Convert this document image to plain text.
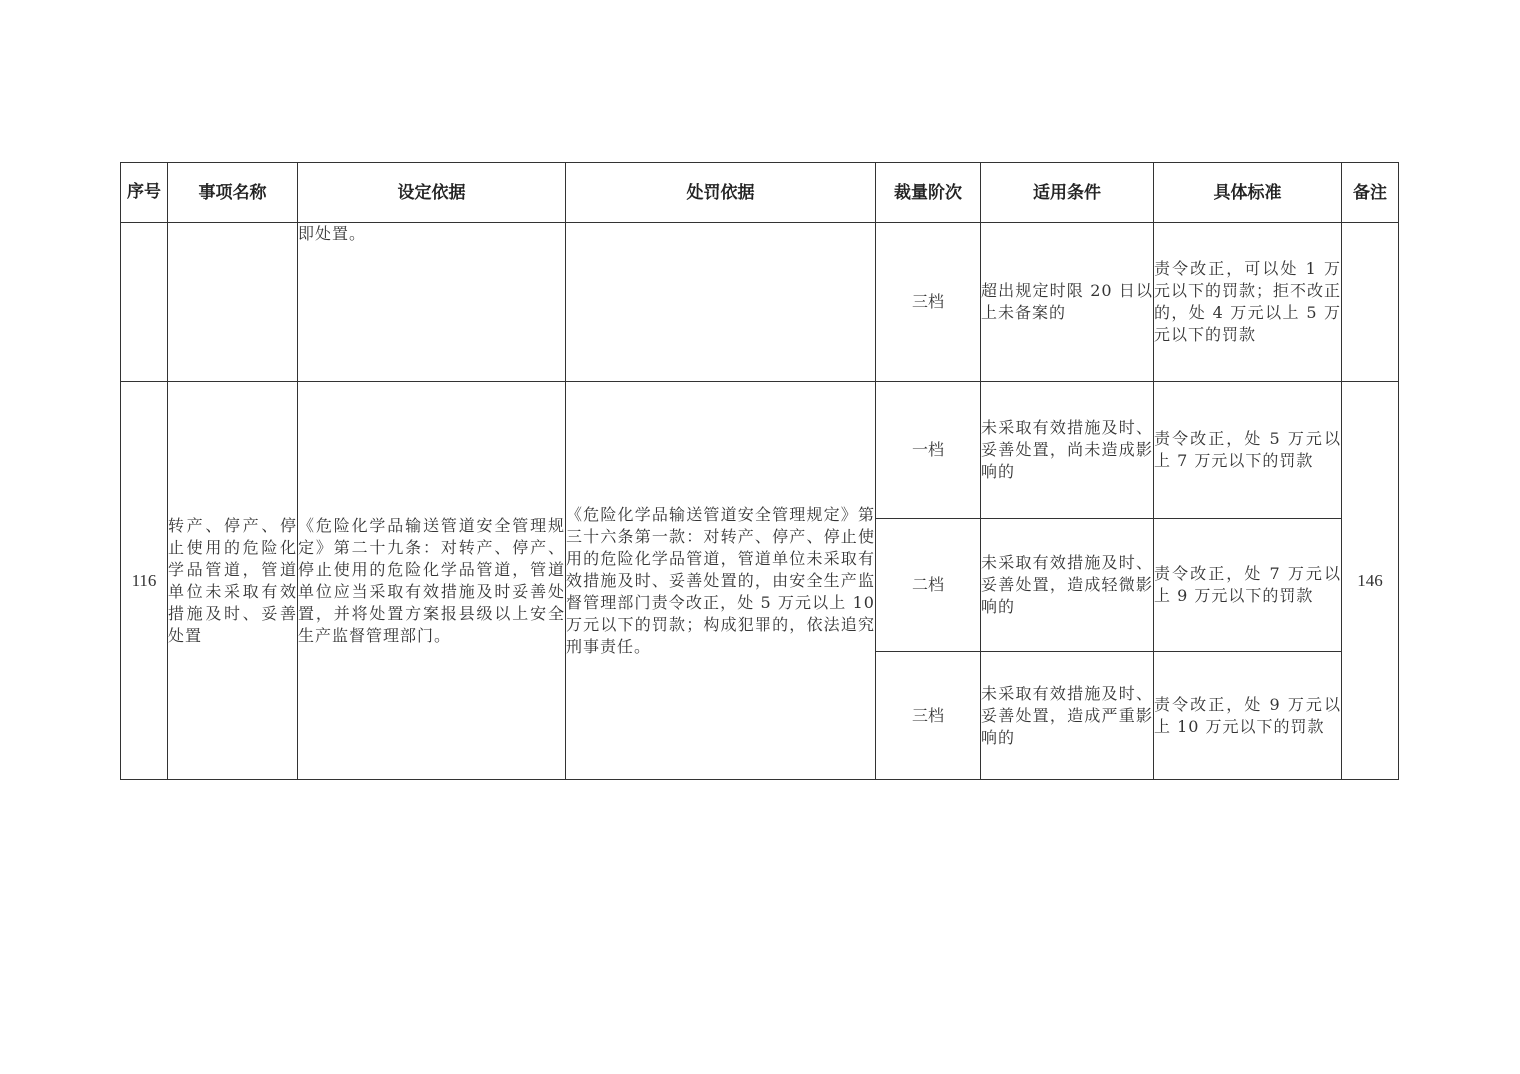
序号	事项名称	设定依据	处罚依据	裁量阶次	适用条件	具体标准	备注
		即处置。		三档	超出规定时限 20 日以上未备案的	责令改正，可以处 1 万元以下的罚款；拒不改正的，处 4 万元以上 5 万元以下的罚款	
116	转产、停产、停止使用的危险化学品管道，管道单位未采取有效措施及时、妥善处置	《危险化学品输送管道安全管理规定》第二十九条：对转产、停产、停止使用的危险化学品管道，管道单位应当采取有效措施及时妥善处置，并将处置方案报县级以上安全生产监督管理部门。	《危险化学品输送管道安全管理规定》第三十六条第一款：对转产、停产、停止使用的危险化学品管道，管道单位未采取有效措施及时、妥善处置的，由安全生产监督管理部门责令改正，处 5 万元以上 10 万元以下的罚款；构成犯罪的，依法追究刑事责任。	一档	未采取有效措施及时、妥善处置，尚未造成影响的	责令改正，处 5 万元以上 7 万元以下的罚款	146
				二档	未采取有效措施及时、妥善处置，造成轻微影响的	责令改正，处 7 万元以上 9 万元以下的罚款	
				三档	未采取有效措施及时、妥善处置，造成严重影响的	责令改正，处 9 万元以上 10 万元以下的罚款	
